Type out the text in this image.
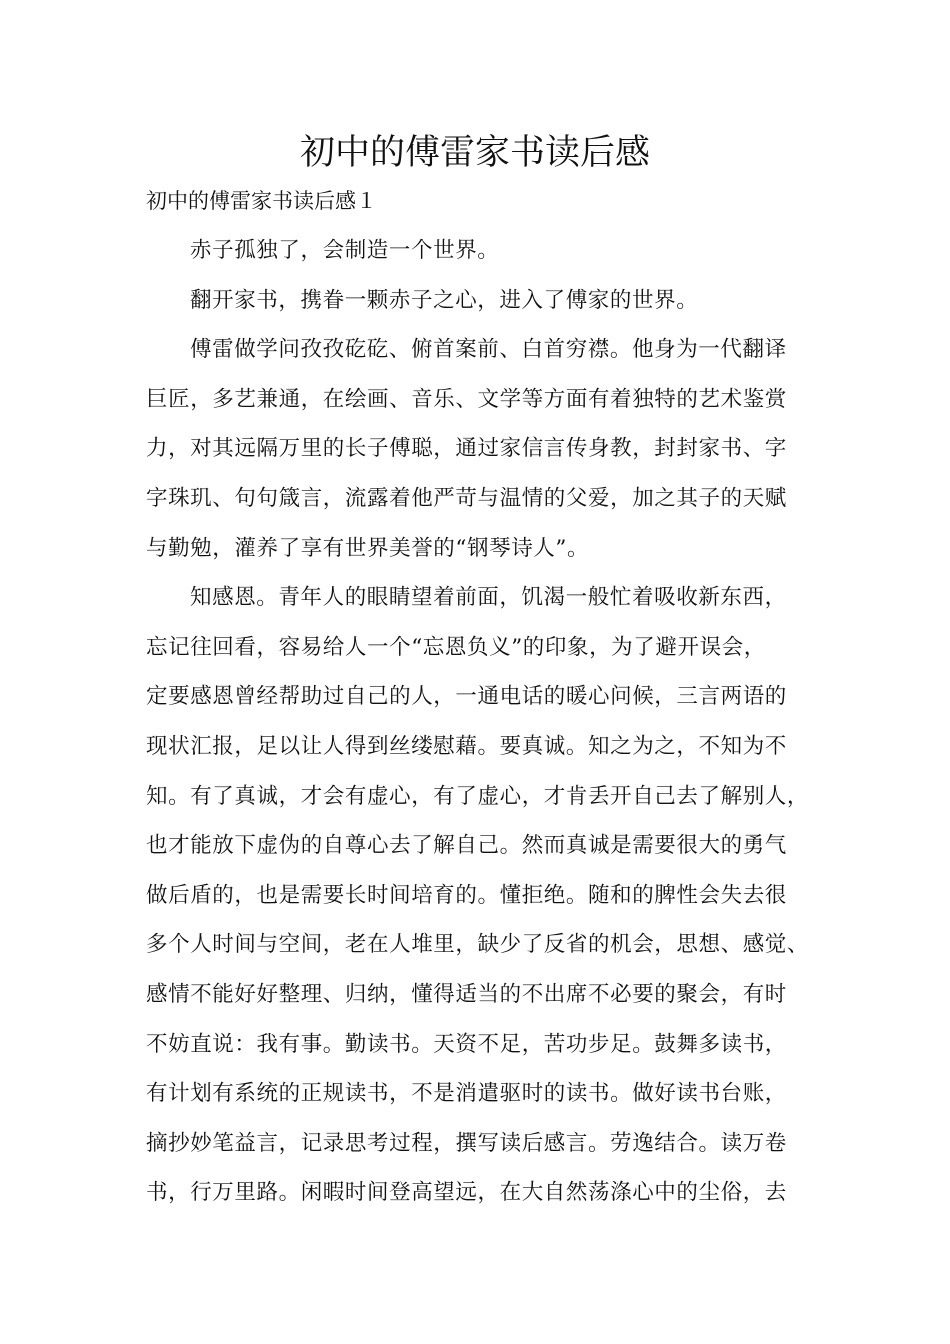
初中的傅雷家书读后感
初中的傅雷家书读后感１
赤子孤独了，会制造一个世界。
翻开家书，携眷一颗赤子之心，进入了傅家的世界。
傅雷做学问孜孜矻矻、俯首案前、白首穷襟。他身为一代翻译
巨匠，多艺兼通，在绘画、音乐、文学等方面有着独特的艺术鉴赏
力，对其远隔万里的长子傅聪，通过家信言传身教，封封家书、字
字珠玑、句句箴言，流露着他严苛与温情的父爱，加之其子的天赋
与勤勉，灌养了享有世界美誉的“钢琴诗人”。
知感恩。青年人的眼睛望着前面，饥渴一般忙着吸收新东西，
忘记往回看，容易给人一个“忘恩负义”的印象，为了避开误会，
定要感恩曾经帮助过自己的人，一通电话的暖心问候，三言两语的
现状汇报，足以让人得到丝缕慰藉。要真诚。知之为之，不知为不
知。有了真诚，才会有虚心，有了虚心，才肯丢开自己去了解别人，
也才能放下虚伪的自尊心去了解自己。然而真诚是需要很大的勇气
做后盾的，也是需要长时间培育的。懂拒绝。随和的脾性会失去很
多个人时间与空间，老在人堆里，缺少了反省的机会，思想、感觉、
感情不能好好整理、归纳，懂得适当的不出席不必要的聚会，有时
不妨直说：我有事。勤读书。天资不足，苦功步足。鼓舞多读书，
有计划有系统的正规读书，不是消遣驱时的读书。做好读书台账，
摘抄妙笔益言，记录思考过程，撰写读后感言。劳逸结合。读万卷
书，行万里路。闲暇时间登高望远，在大自然荡涤心中的尘俗，去
